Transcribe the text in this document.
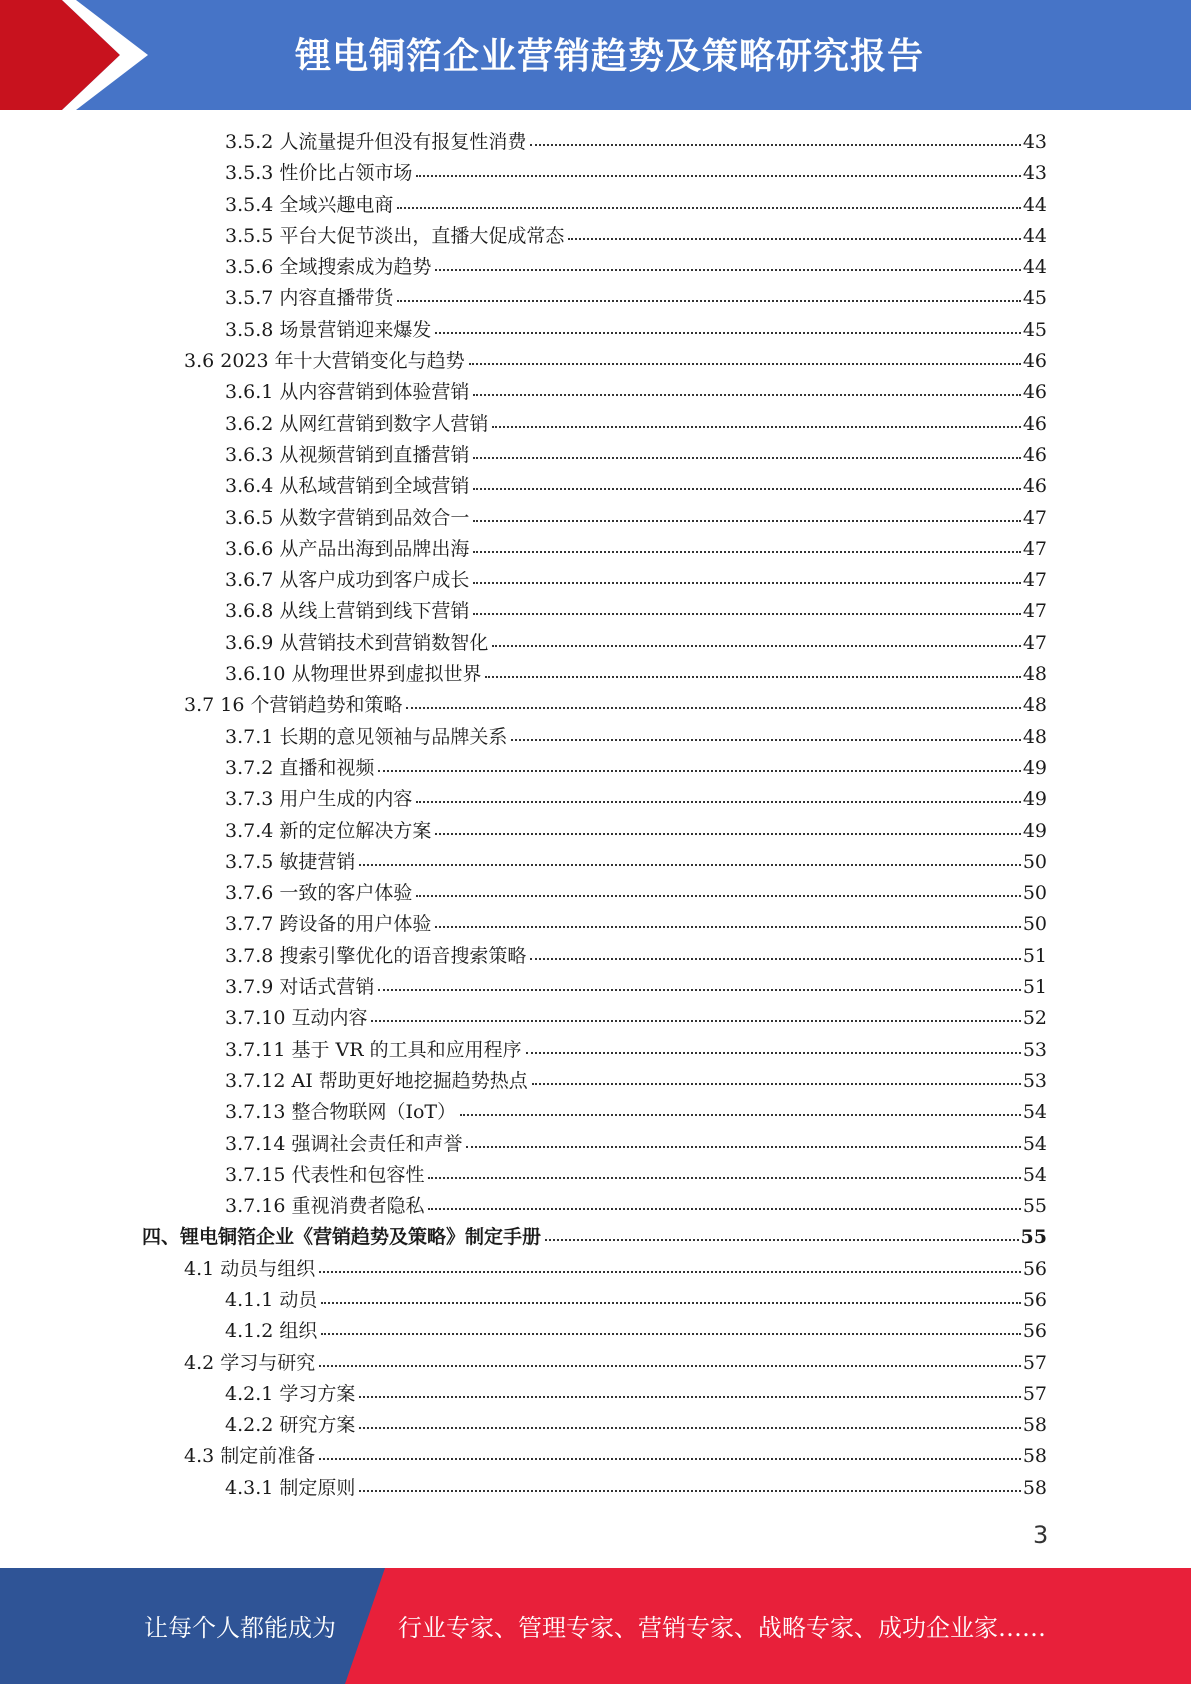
锂电铜箔企业营销趋势及策略研究报告
3.5.2 人流量提升但没有报复性消费	43
3.5.3 性价比占领市场	43
3.5.4 全域兴趣电商	44
3.5.5 平台大促节淡出，直播大促成常态	44
3.5.6 全域搜索成为趋势	44
3.5.7 内容直播带货	45
3.5.8 场景营销迎来爆发	45
3.6 2023 年十大营销变化与趋势	46
3.6.1 从内容营销到体验营销	46
3.6.2 从网红营销到数字人营销	46
3.6.3 从视频营销到直播营销	46
3.6.4 从私域营销到全域营销	46
3.6.5 从数字营销到品效合一	47
3.6.6 从产品出海到品牌出海	47
3.6.7 从客户成功到客户成长	47
3.6.8 从线上营销到线下营销	47
3.6.9 从营销技术到营销数智化	47
3.6.10 从物理世界到虚拟世界	48
3.7 16 个营销趋势和策略	48
3.7.1 长期的意见领袖与品牌关系	48
3.7.2 直播和视频	49
3.7.3 用户生成的内容	49
3.7.4 新的定位解决方案	49
3.7.5 敏捷营销	50
3.7.6 一致的客户体验	50
3.7.7 跨设备的用户体验	50
3.7.8 搜索引擎优化的语音搜索策略	51
3.7.9 对话式营销	51
3.7.10 互动内容	52
3.7.11 基于 VR 的工具和应用程序	53
3.7.12 AI 帮助更好地挖掘趋势热点	53
3.7.13 整合物联网（IoT）	54
3.7.14 强调社会责任和声誉	54
3.7.15 代表性和包容性	54
3.7.16 重视消费者隐私	55
四、锂电铜箔企业《营销趋势及策略》制定手册	55
4.1 动员与组织	56
4.1.1 动员	56
4.1.2 组织	56
4.2 学习与研究	57
4.2.1 学习方案	57
4.2.2 研究方案	58
4.3 制定前准备	58
4.3.1 制定原则	58
3
让每个人都能成为	行业专家、管理专家、营销专家、战略专家、成功企业家……
